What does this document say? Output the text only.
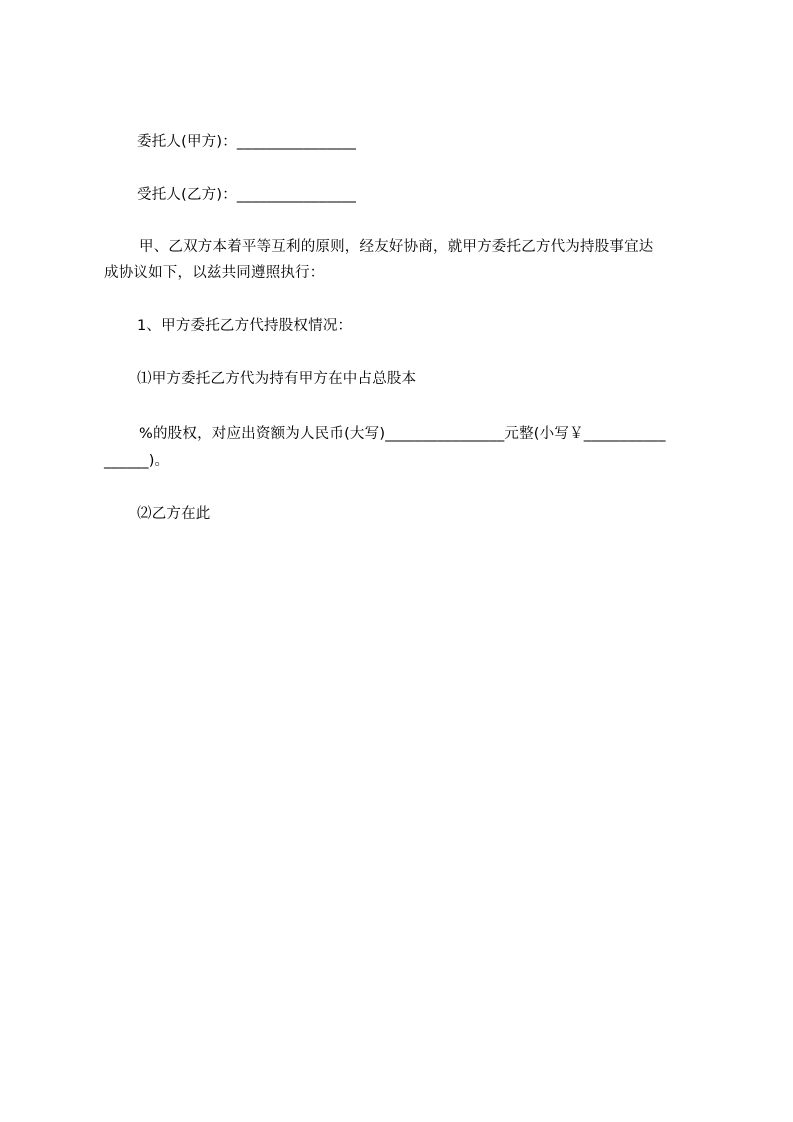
委托人(甲方)：________________
受托人(乙方)：________________
甲、乙双方本着平等互利的原则，经友好协商，就甲方委托乙方代为持股事宜达
成协议如下，以兹共同遵照执行：
1、甲方委托乙方代持股权情况：
⑴甲方委托乙方代为持有甲方在中占总股本
%的股权，对应出资额为人民币(大写)________________元整(小写￥___________
______)。
⑵乙方在此
